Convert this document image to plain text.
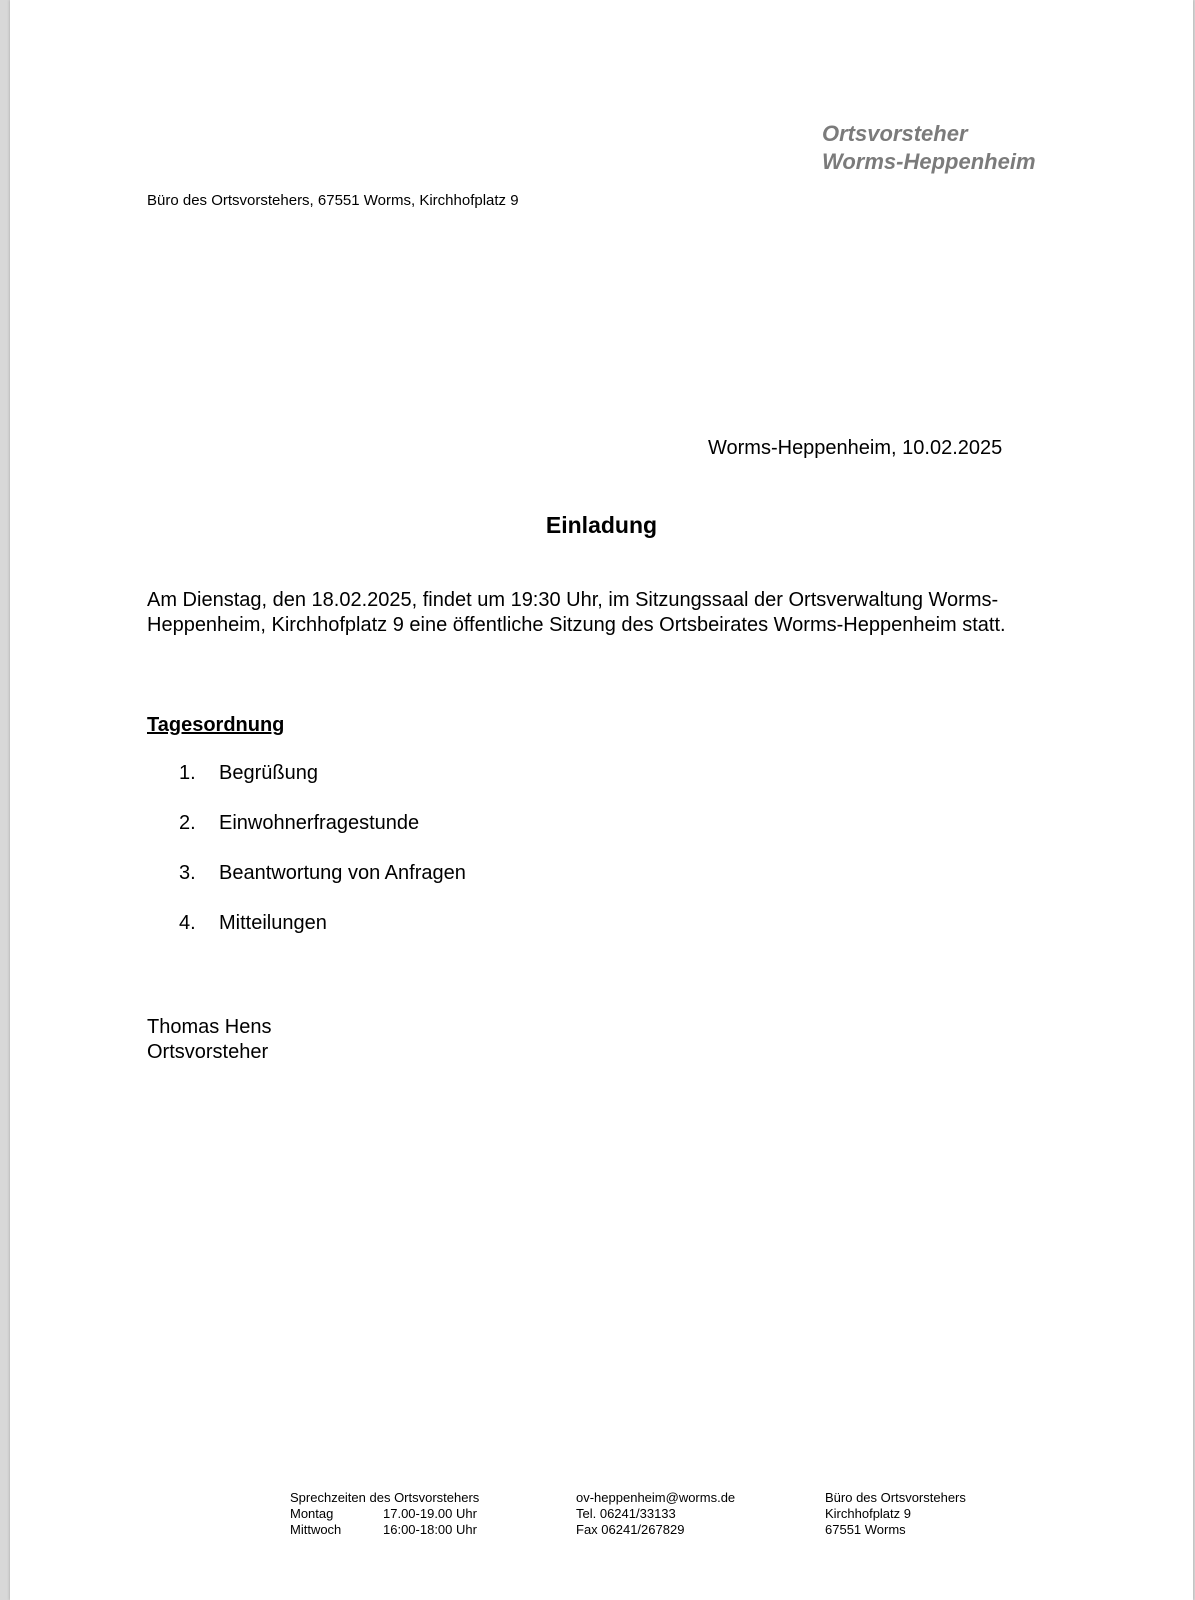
Ortsvorsteher
Worms-Heppenheim
Büro des Ortsvorstehers, 67551 Worms, Kirchhofplatz 9
Worms-Heppenheim, 10.02.2025
Einladung
Am Dienstag, den 18.02.2025, findet um 19:30 Uhr, im Sitzungssaal der Ortsverwaltung Worms-Heppenheim, Kirchhofplatz 9 eine öffentliche Sitzung des Ortsbeirates Worms-Heppenheim statt.
Tagesordnung
1.	Begrüßung
2.	Einwohnerfragestunde
3.	Beantwortung von Anfragen
4.	Mitteilungen
Thomas Hens
Ortsvorsteher
Sprechzeiten des Ortsvorstehers
Montag	17.00-19.00 Uhr
Mittwoch	16:00-18:00 Uhr
ov-heppenheim@worms.de
Tel. 06241/33133
Fax 06241/267829
Büro des Ortsvorstehers
Kirchhofplatz 9
67551 Worms
